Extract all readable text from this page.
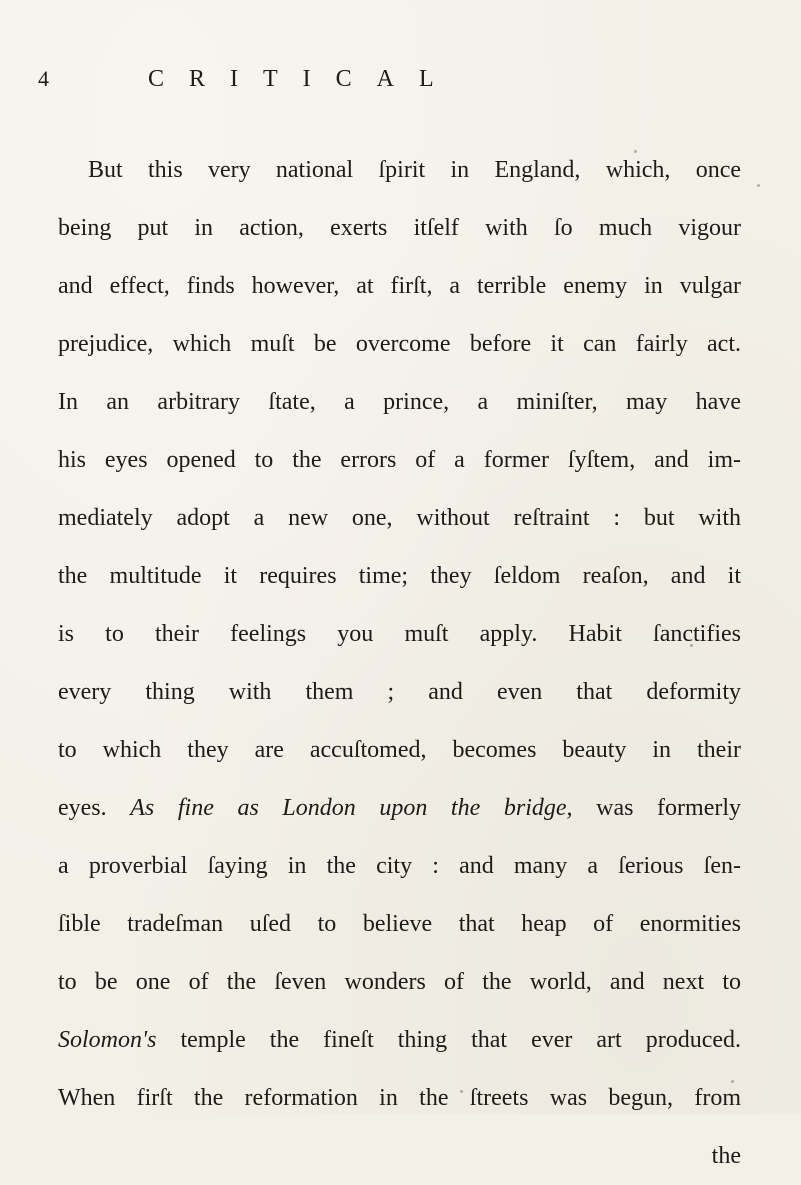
4	CRITICAL
But this very national ſpirit in England, which, once
being put in action, exerts itſelf with ſo much vigour
and effect, finds however, at firſt, a terrible enemy in vulgar
prejudice, which muſt be overcome before it can fairly act.
In an arbitrary ſtate, a prince, a miniſter, may have
his eyes opened to the errors of a former ſyſtem, and im-
mediately adopt a new one, without reſtraint : but with
the multitude it requires time; they ſeldom reaſon, and it
is to their feelings you muſt apply. Habit ſanctifies
every thing with them ; and even that deformity
to which they are accuſtomed, becomes beauty in their
eyes. As fine as London upon the bridge, was formerly
a proverbial ſaying in the city : and many a ſerious ſen-
ſible tradeſman uſed to believe that heap of enormities
to be one of the ſeven wonders of the world, and next to
Solomon's temple the fineſt thing that ever art produced.
When firſt the reformation in the ſtreets was begun, from
the
